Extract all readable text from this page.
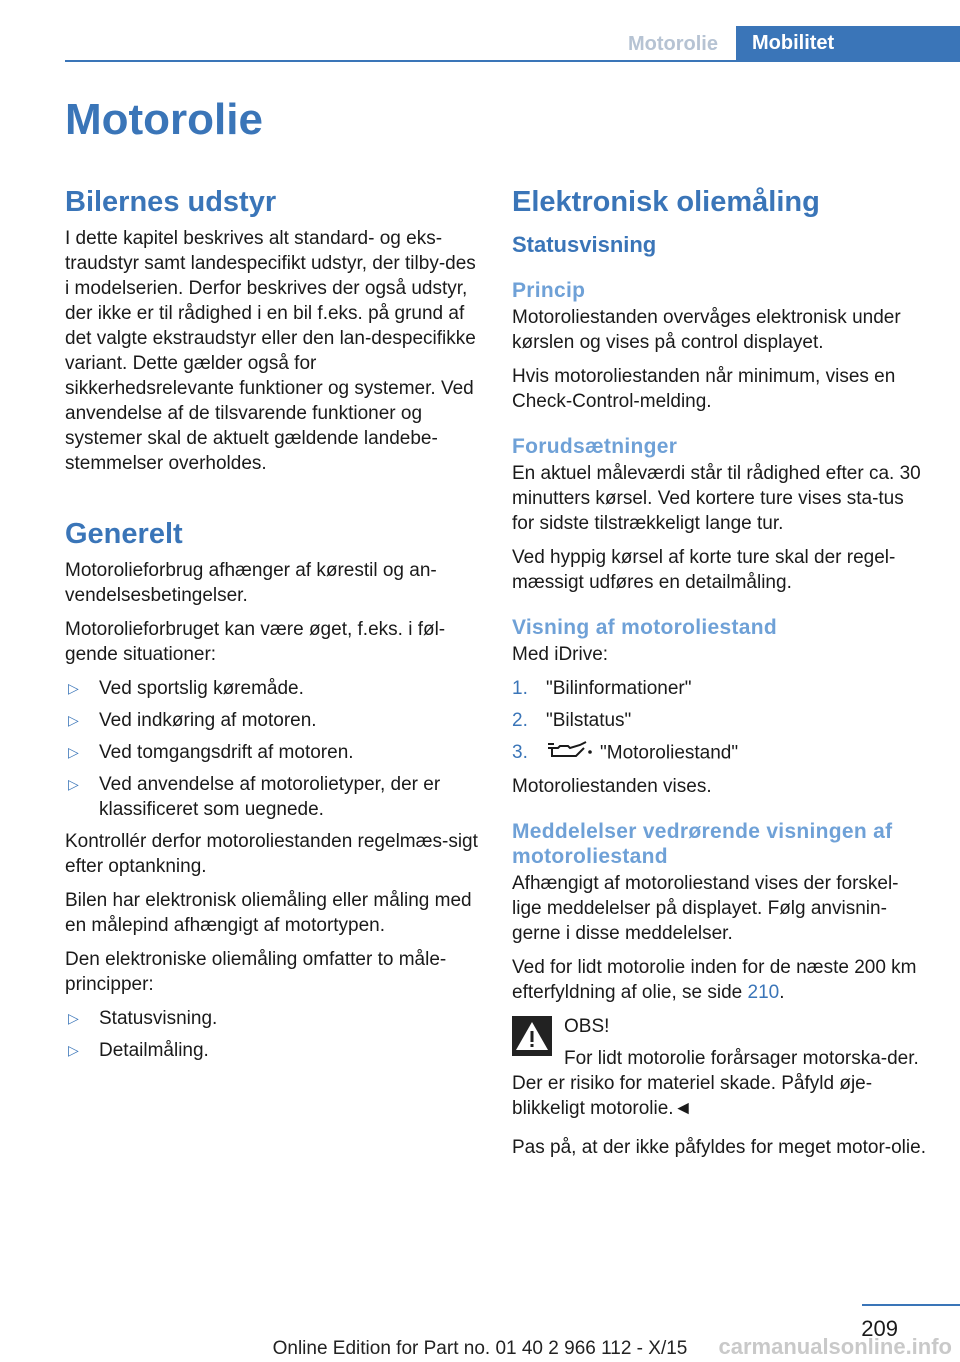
Motorolie	Mobilitet
Motorolie
Bilernes udstyr

I dette kapitel beskrives alt standard- og eks-traudstyr samt landespecifikt udstyr, der tilby-des i modelserien. Derfor beskrives der også udstyr, der ikke er til rådighed i en bil f.eks. på grund af det valgte ekstraudstyr eller den lan-despecifikke variant. Dette gælder også for sikkerhedsrelevante funktioner og systemer. Ved anvendelse af de tilsvarende funktioner og systemer skal de aktuelt gældende landebe-stemmelser overholdes.

Generelt

Motorolieforbrug afhænger af kørestil og an-vendelsesbetingelser.

Motorolieforbruget kan være øget, f.eks. i føl-gende situationer:

▷ Ved sportslig køremåde.
▷ Ved indkøring af motoren.
▷ Ved tomgangsdrift af motoren.
▷ Ved anvendelse af motorolietyper, der er klassificeret som uegnede.

Kontrollér derfor motoroliestanden regelmæs-sigt efter optankning.

Bilen har elektronisk oliemåling eller måling med en målepind afhængigt af motortypen.

Den elektroniske oliemåling omfatter to måle-principper:

▷ Statusvisning.
▷ Detailmåling.
Elektronisk oliemåling
Statusvisning
Princip

Motoroliestanden overvåges elektronisk under kørslen og vises på control displayet.

Hvis motoroliestanden når minimum, vises en Check-Control-melding.

Forudsætninger

En aktuel måleværdi står til rådighed efter ca. 30 minutters kørsel. Ved kortere ture vises sta-tus for sidste tilstrækkeligt lange tur.

Ved hyppig kørsel af korte ture skal der regel-mæssigt udføres en detailmåling.

Visning af motoroliestand

Med iDrive:

1. "Bilinformationer"
2. "Bilstatus"
3.	"Motoroliestand"

Motoroliestanden vises.

Meddelelser vedrørende visningen af motoroliestand

Afhængigt af motoroliestand vises der forskel-lige meddelelser på displayet. Følg anvisnin-gerne i disse meddelelser.

Ved for lidt motorolie inden for de næste 200 km efterfyldning af olie, se side 210.

OBS!

For lidt motorolie forårsager motorska-der. Der er risiko for materiel skade. Påfyld øje-blikkeligt motorolie.◄

Pas på, at der ikke påfyldes for meget motor-olie.

209
Online Edition for Part no. 01 40 2 966 112 - X/15	carmanualsonline.info
